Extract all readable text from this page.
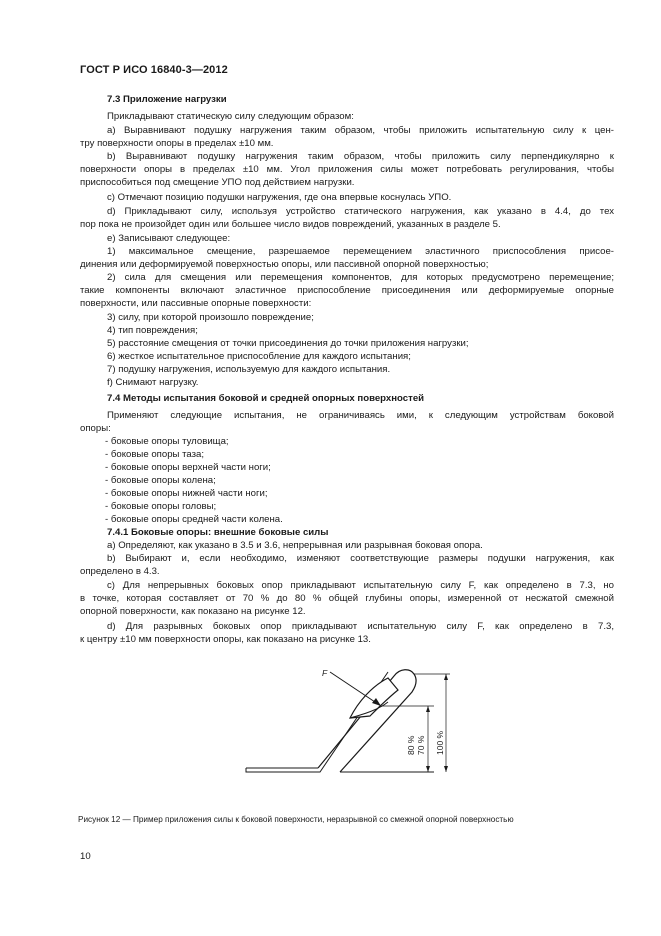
ГОСТ Р ИСО 16840-3—2012
7.3 Приложение нагрузки
Прикладывают статическую силу следующим образом:
а) Выравнивают подушку нагружения таким образом, чтобы приложить испытательную силу к цен-
тру поверхности опоры в пределах ±10 мм.
b) Выравнивают подушку нагружения таким образом, чтобы приложить силу перпендикулярно к
поверхности опоры в пределах ±10 мм. Угол приложения силы может потребовать регулирования, чтобы
приспособиться под смещение УПО под действием нагрузки.
с) Отмечают позицию подушки нагружения, где она впервые коснулась УПО.
d) Прикладывают силу, используя устройство статического нагружения, как указано в 4.4, до тех
пор пока не произойдет один или большее число видов повреждений, указанных в разделе 5.
е) Записывают следующее:
1) максимальное смещение, разрешаемое перемещением эластичного приспособления присое-
динения или деформируемой поверхностью опоры, или пассивной опорной поверхностью;
2) сила для смещения или перемещения компонентов, для которых предусмотрено перемещение;
такие компоненты включают эластичное приспособление присоединения или деформируемые опорные
поверхности, или пассивные опорные поверхности:
3) силу, при которой произошло повреждение;
4) тип повреждения;
5) расстояние смещения от точки присоединения до точки приложения нагрузки;
6) жесткое испытательное приспособление для каждого испытания;
7) подушку нагружения, используемую для каждого испытания.
f) Снимают нагрузку.
7.4 Методы испытания боковой и средней опорных поверхностей
Применяют следующие испытания, не ограничиваясь ими, к следующим устройствам боковой
опоры:
- боковые опоры туловища;
- боковые опоры таза;
- боковые опоры верхней части ноги;
- боковые опоры колена;
- боковые опоры нижней части ноги;
- боковые опоры головы;
- боковые опоры средней части колена.
7.4.1 Боковые опоры: внешние боковые силы
а) Определяют, как указано в 3.5 и 3.6, непрерывная или разрывная боковая опора.
b) Выбирают и, если необходимо, изменяют соответствующие размеры подушки нагружения, как
определено в 4.3.
с) Для непрерывных боковых опор прикладывают испытательную силу F, как определено в 7.3, но
в точке, которая составляет от 70 % до 80 % общей глубины опоры, измеренной от несжатой смежной
опорной поверхности, как показано на рисунке 12.
d) Для разрывных боковых опор прикладывают испытательную силу F, как определено в 7.3,
к центру ±10 мм поверхности опоры, как показано на рисунке 13.
F
100 %
80 % 70 %
Рисунок 12 — Пример приложения силы к боковой поверхности, неразрывной со смежной опорной поверхностью
10
